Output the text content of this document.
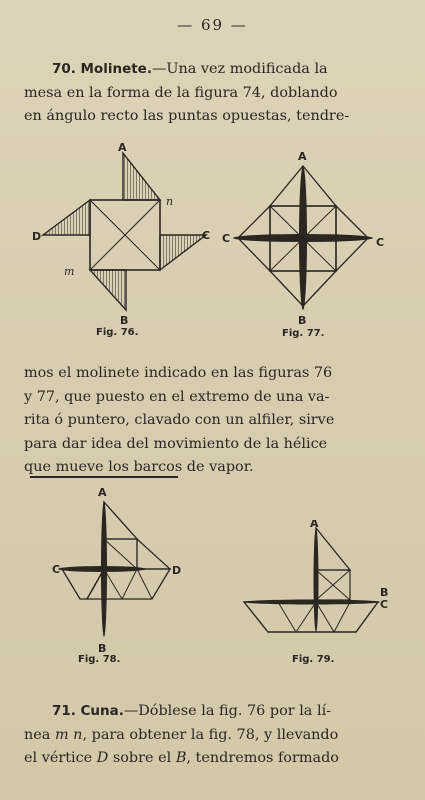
— 69 —

70. Molinete.—Una vez modificada la
mesa en la forma de la figura 74, doblando
en ángulo recto las puntas opuestas, tendre-

A
D	C
B
n
m
Fig. 76.
A
C	C
B
Fig. 77.

mos el molinete indicado en las figuras 76
y 77, que puesto en el extremo de una va-
rita ó puntero, clavado con un alfiler, sirve
para dar idea del movimiento de la hélice
que mueve los barcos de vapor.

A
C	D
B
Fig. 78.
A
B
C
Fig. 79.

71. Cuna.—Dóblese la fig. 76 por la lí-
nea m n, para obtener la fig. 78, y llevando
el vértice D sobre el B, tendremos formado
